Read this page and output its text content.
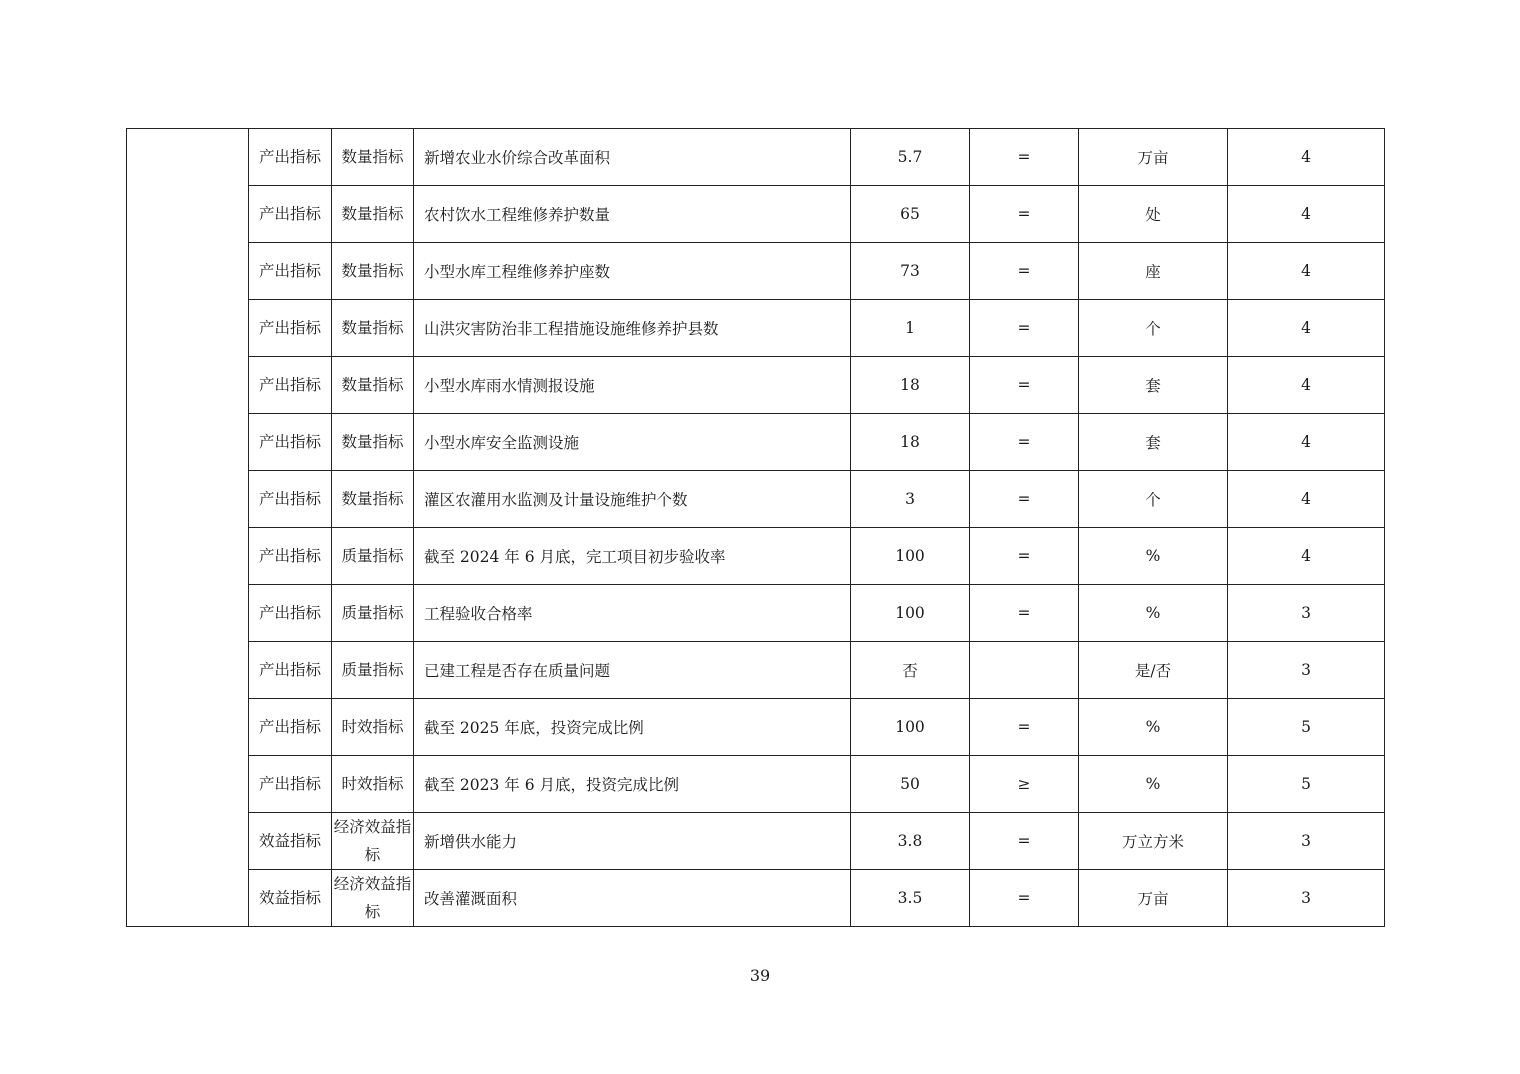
	产出指标	数量指标	新增农业水价综合改革面积	5.7	=	万亩	4
	产出指标	数量指标	农村饮水工程维修养护数量	65	=	处	4
	产出指标	数量指标	小型水库工程维修养护座数	73	=	座	4
	产出指标	数量指标	山洪灾害防治非工程措施设施维修养护县数	1	=	个	4
	产出指标	数量指标	小型水库雨水情测报设施	18	=	套	4
	产出指标	数量指标	小型水库安全监测设施	18	=	套	4
	产出指标	数量指标	灌区农灌用水监测及计量设施维护个数	3	=	个	4
	产出指标	质量指标	截至 2024 年 6 月底，完工项目初步验收率	100	=	%	4
	产出指标	质量指标	工程验收合格率	100	=	%	3
	产出指标	质量指标	已建工程是否存在质量问题	否		是/否	3
	产出指标	时效指标	截至 2025 年底，投资完成比例	100	=	%	5
	产出指标	时效指标	截至 2023 年 6 月底，投资完成比例	50	≥	%	5
	效益指标	经济效益指标	新增供水能力	3.8	=	万立方米	3
	效益指标	经济效益指标	改善灌溉面积	3.5	=	万亩	3
39
